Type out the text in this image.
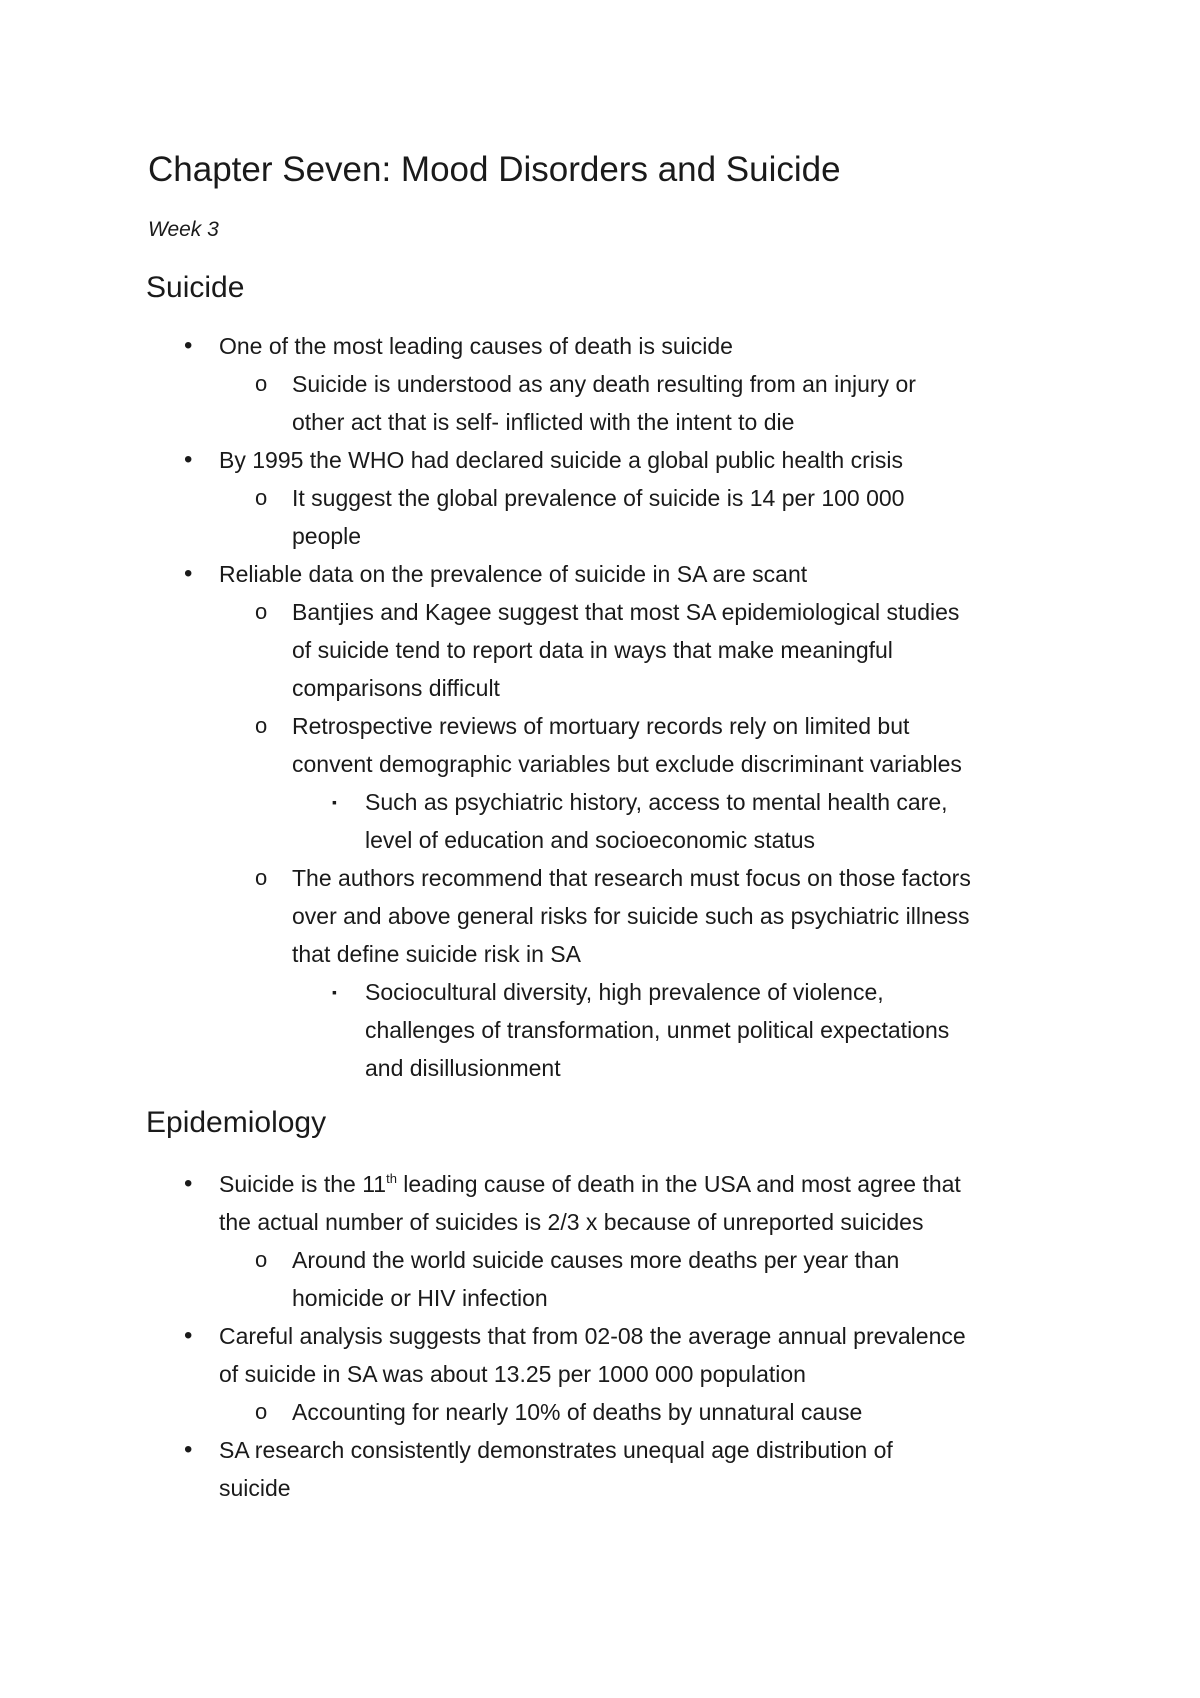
Chapter Seven: Mood Disorders and Suicide

Week 3

Suicide
• One of the most leading causes of death is suicide
o Suicide is understood as any death resulting from an injury or
other act that is self- inflicted with the intent to die
• By 1995 the WHO had declared suicide a global public health crisis
o It suggest the global prevalence of suicide is 14 per 100 000
people
• Reliable data on the prevalence of suicide in SA are scant
o Bantjies and Kagee suggest that most SA epidemiological studies
of suicide tend to report data in ways that make meaningful
comparisons difficult
o Retrospective reviews of mortuary records rely on limited but
convent demographic variables but exclude discriminant variables
▪ Such as psychiatric history, access to mental health care,
level of education and socioeconomic status
o The authors recommend that research must focus on those factors
over and above general risks for suicide such as psychiatric illness
that define suicide risk in SA
▪ Sociocultural diversity, high prevalence of violence,
challenges of transformation, unmet political expectations
and disillusionment
Epidemiology
• Suicide is the 11th leading cause of death in the USA and most agree that
the actual number of suicides is 2/3 x because of unreported suicides
o Around the world suicide causes more deaths per year than
homicide or HIV infection
• Careful analysis suggests that from 02-08 the average annual prevalence
of suicide in SA was about 13.25 per 1000 000 population
o Accounting for nearly 10% of deaths by unnatural cause
• SA research consistently demonstrates unequal age distribution of
suicide
